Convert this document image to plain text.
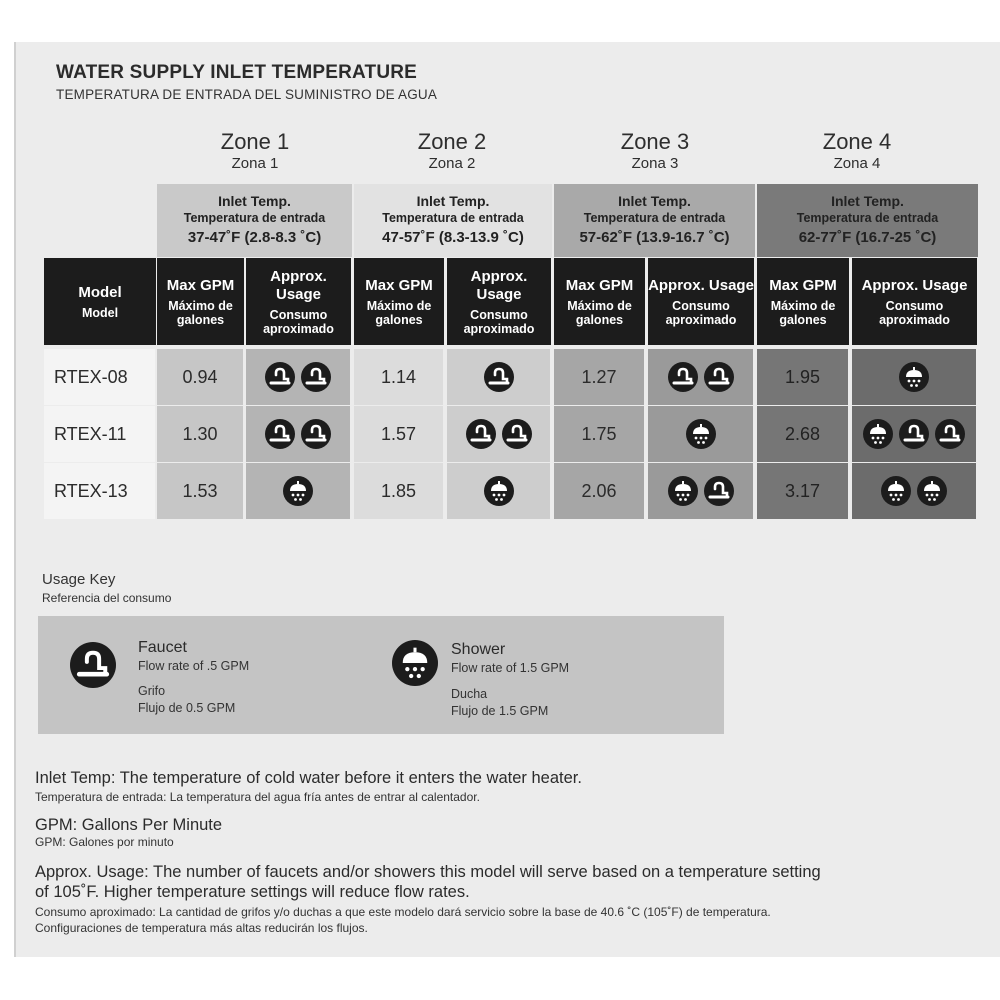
WATER SUPPLY INLET TEMPERATURE
TEMPERATURA DE ENTRADA DEL SUMINISTRO DE AGUA
Zone 1
Zona 1
Zone 2
Zona 2
Zone 3
Zona 3
Zone 4
Zona 4
Inlet Temp.
Temperatura de entrada
37-47˚F (2.8-8.3 ˚C)
Inlet Temp.
Temperatura de entrada
47-57˚F (8.3-13.9 ˚C)
Inlet Temp.
Temperatura de entrada
57-62˚F (13.9-16.7 ˚C)
Inlet Temp.
Temperatura de entrada
62-77˚F (16.7-25 ˚C)
Model
Model
Max GPM
Máximo de galones
Approx. Usage
Consumo aproximado
Max GPM
Máximo de galones
Approx. Usage
Consumo aproximado
Max GPM
Máximo de galones
Approx. Usage
Consumo aproximado
Max GPM
Máximo de galones
Approx. Usage
Consumo aproximado
RTEX-08	0.94	1.14	1.27	1.95
RTEX-11	1.30	1.57	1.75	2.68
RTEX-13	1.53	1.85	2.06	3.17
Usage Key
Referencia del consumo
Faucet
Flow rate of .5 GPM
Grifo
Flujo de 0.5 GPM
Shower
Flow rate of 1.5 GPM
Ducha
Flujo de 1.5 GPM
Inlet Temp: The temperature of cold water before it enters the water heater.
Temperatura de entrada: La temperatura del agua fría antes de entrar al calentador.
GPM: Gallons Per Minute
GPM: Galones por minuto
Approx. Usage: The number of faucets and/or showers this model will serve based on a temperature setting
of 105˚F. Higher temperature settings will reduce flow rates.
Consumo aproximado: La cantidad de grifos y/o duchas a que este modelo dará servicio sobre la base de 40.6 ˚C (105˚F) de temperatura.
Configuraciones de temperatura más altas reducirán los flujos.
